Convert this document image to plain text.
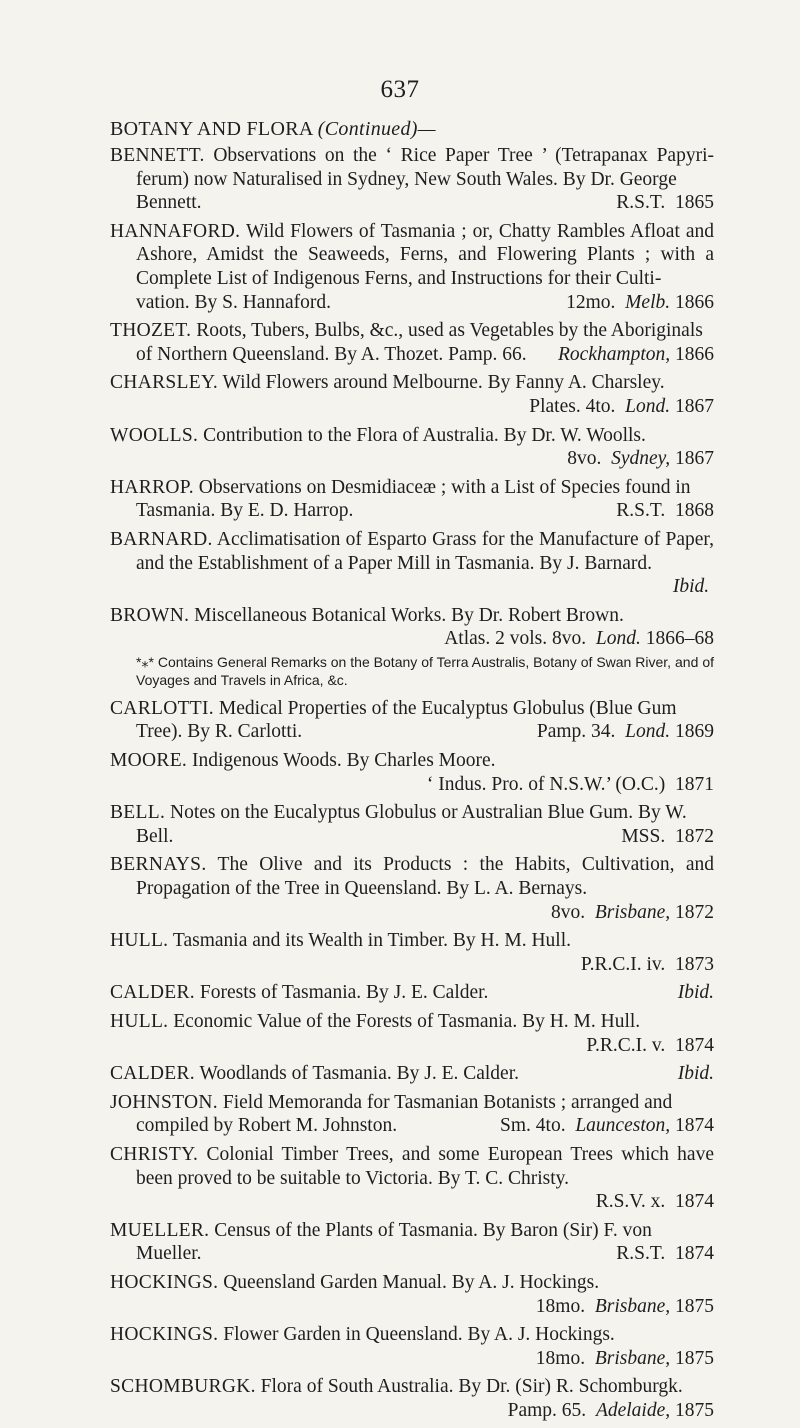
637
BOTANY AND FLORA (Continued)—
BENNETT. Observations on the ‘ Rice Paper Tree ’ (Tetrapanax Papyri-ferum) now Naturalised in Sydney, New South Wales. By Dr. George
Bennett.	R.S.T. 1865
HANNAFORD. Wild Flowers of Tasmania ; or, Chatty Rambles Afloat and Ashore, Amidst the Seaweeds, Ferns, and Flowering Plants ; with a Complete List of Indigenous Ferns, and Instructions for their Culti-
vation. By S. Hannaford.	12mo. Melb. 1866
THOZET. Roots, Tubers, Bulbs, &c., used as Vegetables by the Aboriginals
of Northern Queensland. By A. Thozet. Pamp. 66. Rockhampton, 1866
CHARSLEY. Wild Flowers around Melbourne. By Fanny A. Charsley.
Plates. 4to. Lond. 1867
WOOLLS. Contribution to the Flora of Australia. By Dr. W. Woolls.
8vo. Sydney, 1867
HARROP. Observations on Desmidiaceæ ; with a List of Species found in
Tasmania. By E. D. Harrop.	R.S.T. 1868
BARNARD. Acclimatisation of Esparto Grass for the Manufacture of Paper, and the Establishment of a Paper Mill in Tasmania. By J. Barnard.
Ibid.
BROWN. Miscellaneous Botanical Works. By Dr. Robert Brown.
Atlas. 2 vols. 8vo. Lond. 1866–68
*⁎* Contains General Remarks on the Botany of Terra Australis, Botany of Swan River, and of Voyages and Travels in Africa, &c.
CARLOTTI. Medical Properties of the Eucalyptus Globulus (Blue Gum
Tree). By R. Carlotti.	Pamp. 34. Lond. 1869
MOORE. Indigenous Woods. By Charles Moore.
‘ Indus. Pro. of N.S.W.’ (O.C.) 1871
BELL. Notes on the Eucalyptus Globulus or Australian Blue Gum. By W.
Bell.	MSS. 1872
BERNAYS. The Olive and its Products : the Habits, Cultivation, and Propagation of the Tree in Queensland. By L. A. Bernays.
8vo. Brisbane, 1872
HULL. Tasmania and its Wealth in Timber. By H. M. Hull.
P.R.C.I. iv. 1873
CALDER. Forests of Tasmania. By J. E. Calder.	Ibid.
HULL. Economic Value of the Forests of Tasmania. By H. M. Hull.
P.R.C.I. v. 1874
CALDER. Woodlands of Tasmania. By J. E. Calder.	Ibid.
JOHNSTON. Field Memoranda for Tasmanian Botanists ; arranged and
compiled by Robert M. Johnston.	Sm. 4to. Launceston, 1874
CHRISTY. Colonial Timber Trees, and some European Trees which have been proved to be suitable to Victoria. By T. C. Christy.
R.S.V. x. 1874
MUELLER. Census of the Plants of Tasmania. By Baron (Sir) F. von
Mueller.	R.S.T. 1874
HOCKINGS. Queensland Garden Manual. By A. J. Hockings.
18mo. Brisbane, 1875
HOCKINGS. Flower Garden in Queensland. By A. J. Hockings.
18mo. Brisbane, 1875
SCHOMBURGK. Flora of South Australia. By Dr. (Sir) R. Schomburgk.
Pamp. 65. Adelaide, 1875
